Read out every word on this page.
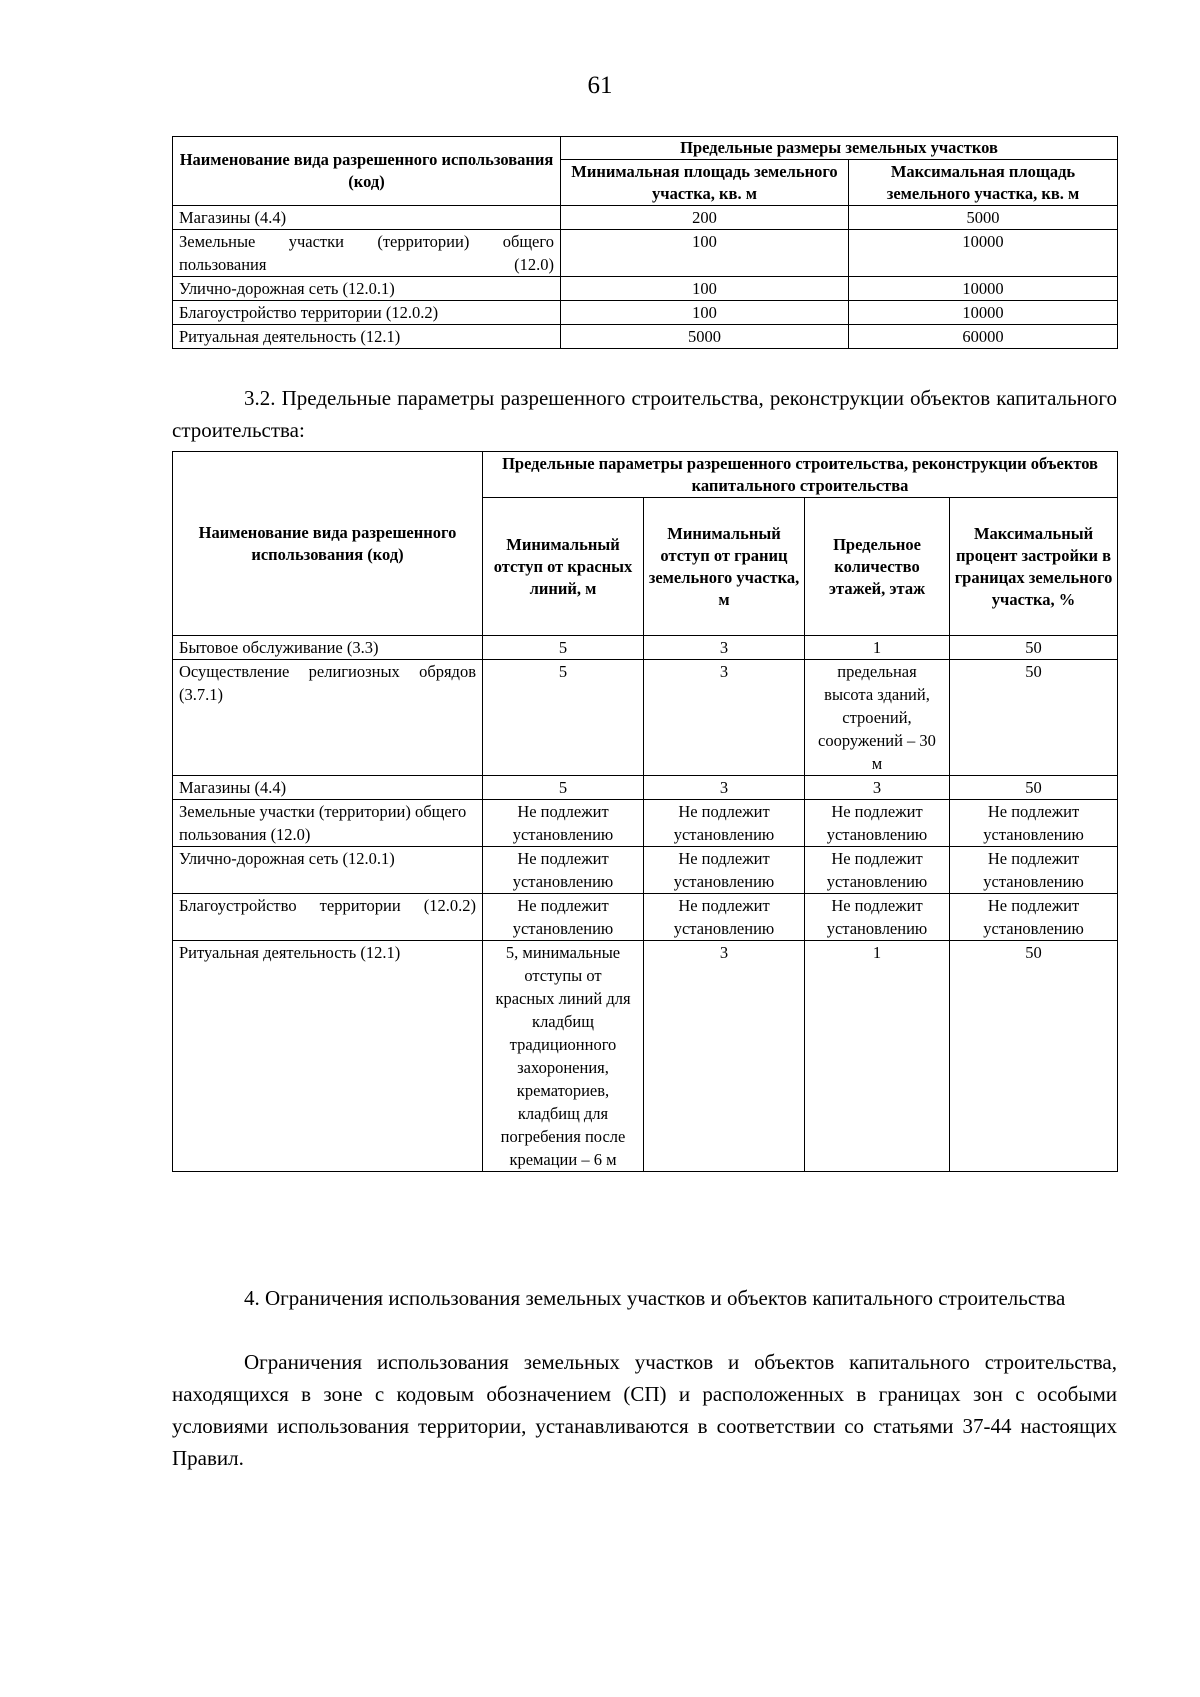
61
Наименование вида разрешенного использования (код)	Предельные размеры земельных участков	
	Минимальная площадь земельного участка, кв. м	Максимальная площадь земельного участка, кв. м
Магазины (4.4)	200	5000
Земельные участки (территории) общего пользования (12.0)	100	10000
Улично-дорожная сеть (12.0.1)	100	10000
Благоустройство территории (12.0.2)	100	10000
Ритуальная деятельность (12.1)	5000	60000

3.2. Предельные параметры разрешенного строительства, реконструкции объектов капитального строительства:

Наименование вида разрешенного использования (код)	Предельные параметры разрешенного строительства, реконструкции объектов капитального строительства			
	Минимальный отступ от красных линий, м	Минимальный отступ от границ земельного участка, м	Предельное количество этажей, этаж	Максимальный процент застройки в границах земельного участка, %
Бытовое обслуживание (3.3)	5	3	1	50
Осуществление религиозных обрядов (3.7.1)	5	3	предельная высота зданий, строений, сооружений – 30 м	50
Магазины (4.4)	5	3	3	50
Земельные участки (территории) общего пользования (12.0)	Не подлежит установлению	Не подлежит установлению	Не подлежит установлению	Не подлежит установлению
Улично-дорожная сеть (12.0.1)	Не подлежит установлению	Не подлежит установлению	Не подлежит установлению	Не подлежит установлению
Благоустройство территории (12.0.2)	Не подлежит установлению	Не подлежит установлению	Не подлежит установлению	Не подлежит установлению
Ритуальная деятельность (12.1)	5, минимальные отступы от красных линий для кладбищ традиционного захоронения, крематориев, кладбищ для погребения после кремации – 6 м	3	1	50

4. Ограничения использования земельных участков и объектов капитального строительства

Ограничения использования земельных участков и объектов капитального строительства, находящихся в зоне с кодовым обозначением (СП) и расположенных в границах зон с особыми условиями использования территории, устанавливаются в соответствии со статьями 37-44 настоящих Правил.
